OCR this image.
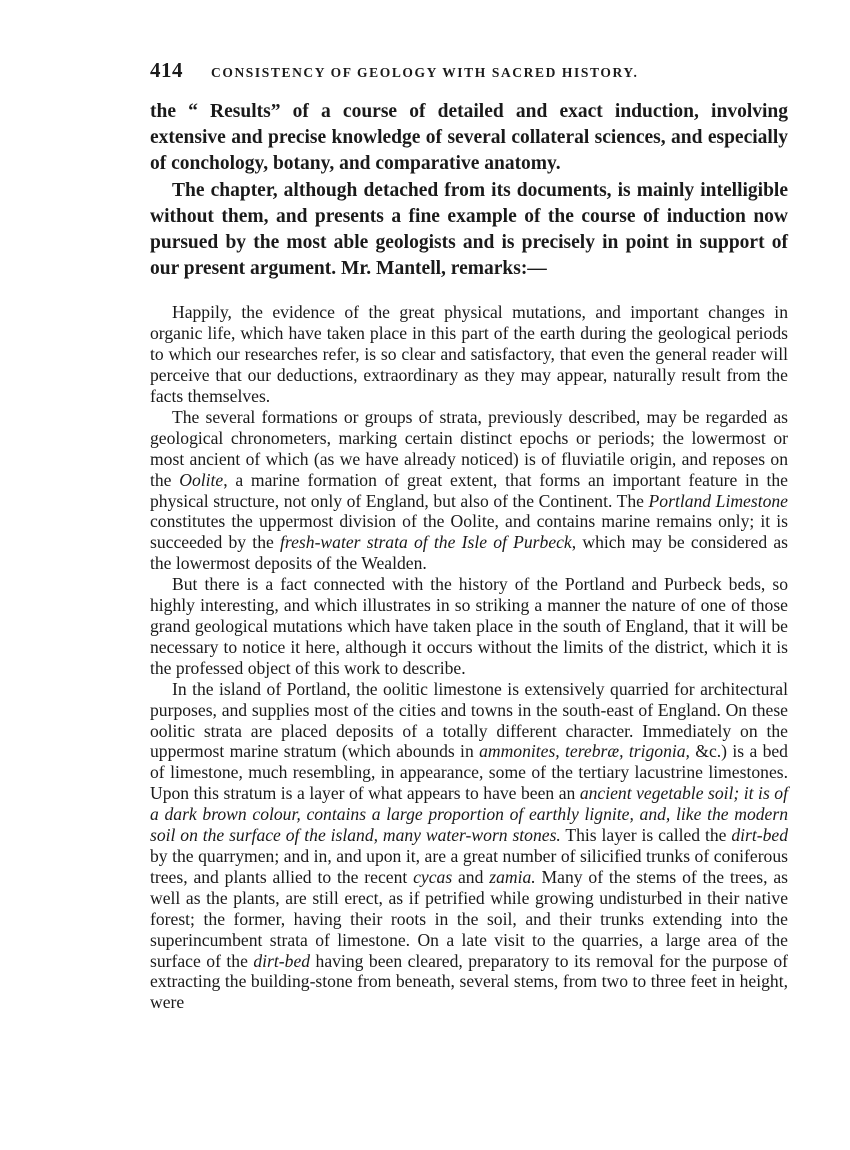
414 CONSISTENCY OF GEOLOGY WITH SACRED HISTORY.

the “ Results” of a course of detailed and exact induction, involving extensive and precise knowledge of several collateral sciences, and especially of conchology, botany, and comparative anatomy.

The chapter, although detached from its documents, is mainly intelligible without them, and presents a fine example of the course of induction now pursued by the most able geologists and is precisely in point in support of our present argument. Mr. Mantell, remarks:—

Happily, the evidence of the great physical mutations, and important changes in organic life, which have taken place in this part of the earth during the geological periods to which our researches refer, is so clear and satisfactory, that even the general reader will perceive that our deductions, extraordinary as they may appear, naturally result from the facts themselves.

The several formations or groups of strata, previously described, may be regarded as geological chronometers, marking certain distinct epochs or periods; the lowermost or most ancient of which (as we have already noticed) is of fluviatile origin, and reposes on the Oolite, a marine formation of great extent, that forms an important feature in the physical structure, not only of England, but also of the Continent. The Portland Limestone constitutes the uppermost division of the Oolite, and contains marine remains only; it is succeeded by the fresh-water strata of the Isle of Purbeck, which may be considered as the lowermost deposits of the Wealden.

But there is a fact connected with the history of the Portland and Purbeck beds, so highly interesting, and which illustrates in so striking a manner the nature of one of those grand geological mutations which have taken place in the south of England, that it will be necessary to notice it here, although it occurs without the limits of the district, which it is the professed object of this work to describe.

In the island of Portland, the oolitic limestone is extensively quarried for architectural purposes, and supplies most of the cities and towns in the south-east of England. On these oolitic strata are placed deposits of a totally different character. Immediately on the uppermost marine stratum (which abounds in ammonites, terebræ, trigonia, &c.) is a bed of limestone, much resembling, in appearance, some of the tertiary lacustrine limestones. Upon this stratum is a layer of what appears to have been an ancient vegetable soil; it is of a dark brown colour, contains a large proportion of earthly lignite, and, like the modern soil on the surface of the island, many water-worn stones. This layer is called the dirt-bed by the quarrymen; and in, and upon it, are a great number of silicified trunks of coniferous trees, and plants allied to the recent cycas and zamia. Many of the stems of the trees, as well as the plants, are still erect, as if petrified while growing undisturbed in their native forest; the former, having their roots in the soil, and their trunks extending into the superincumbent strata of limestone. On a late visit to the quarries, a large area of the surface of the dirt-bed having been cleared, preparatory to its removal for the purpose of extracting the building-stone from beneath, several stems, from two to three feet in height, were
